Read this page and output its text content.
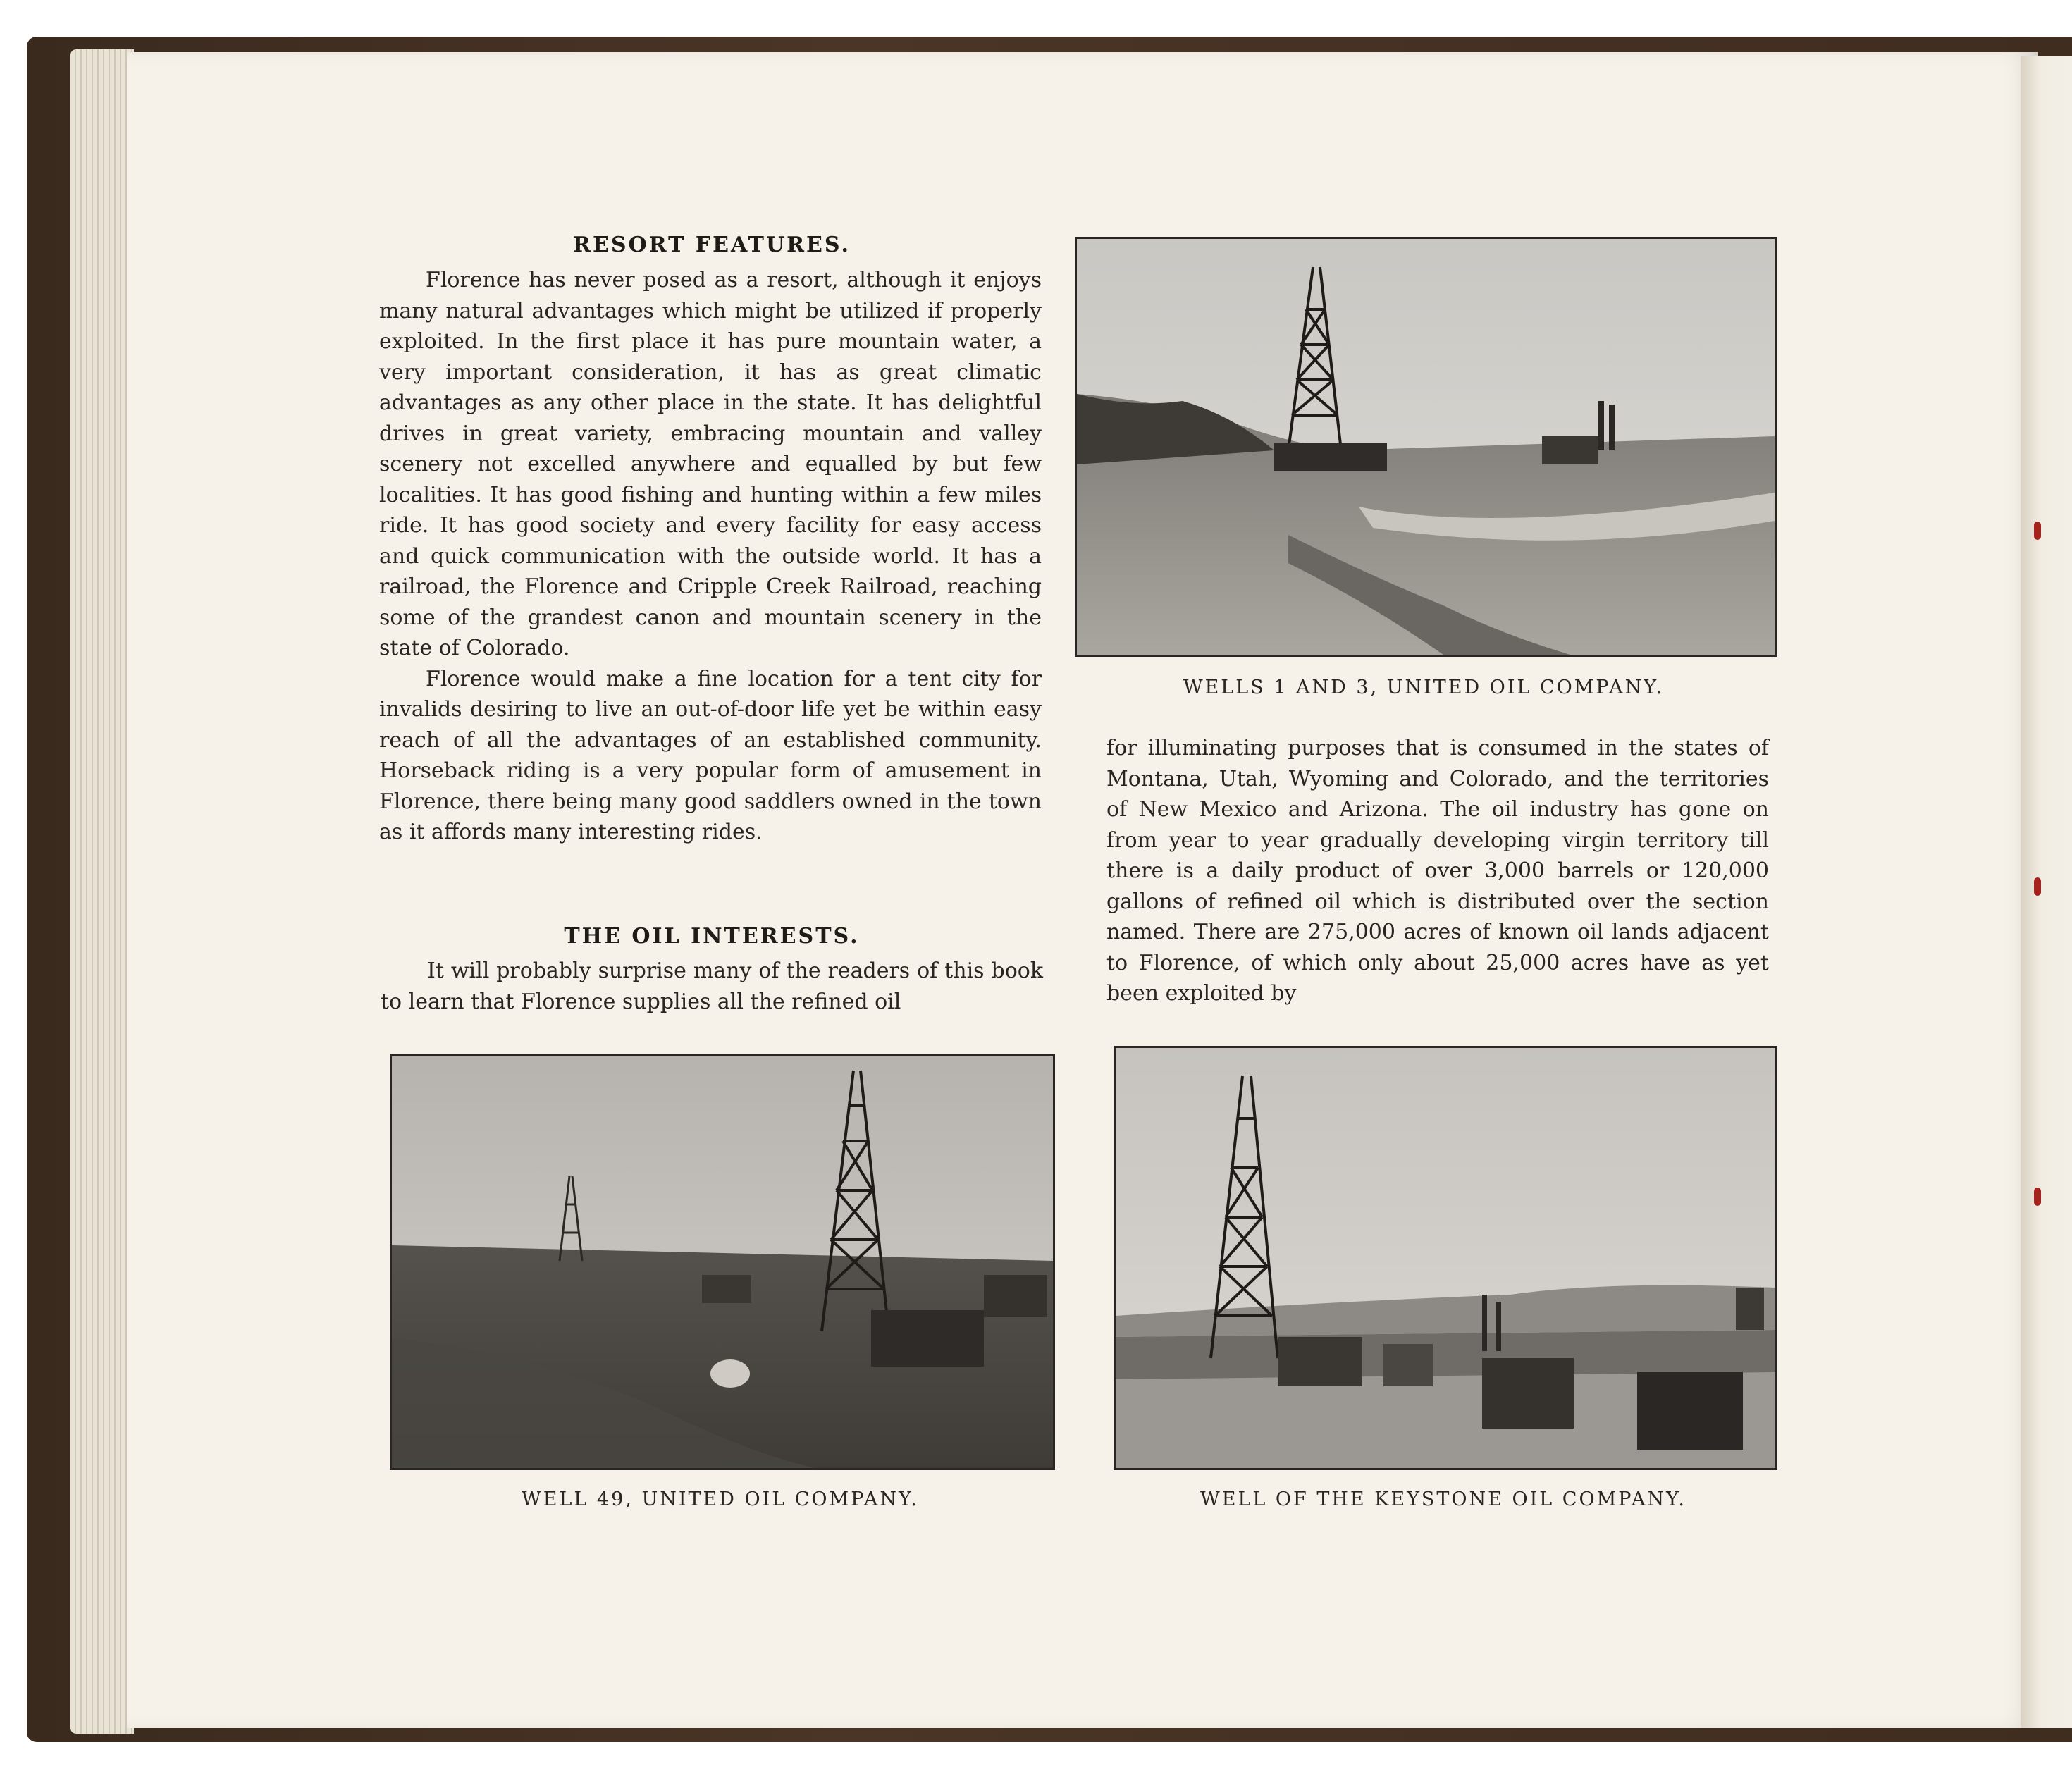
RESORT FEATURES.

Florence has never posed as a resort, although it enjoys many natural advantages which might be utilized if properly exploited. In the first place it has pure mountain water, a very important consideration, it has as great climatic advantages as any other place in the state. It has delightful drives in great variety, embracing mountain and valley scenery not excelled anywhere and equalled by but few localities. It has good fishing and hunting within a few miles ride. It has good society and every facility for easy access and quick communication with the outside world. It has a railroad, the Florence and Cripple Creek Railroad, reaching some of the grandest canon and mountain scenery in the state of Colorado.

Florence would make a fine location for a tent city for invalids desiring to live an out-of-door life yet be within easy reach of all the advantages of an established community. Horseback riding is a very popular form of amusement in Florence, there being many good saddlers owned in the town as it affords many interesting rides.

THE OIL INTERESTS.

It will probably surprise many of the readers of this book to learn that Florence supplies all the refined oil

for illuminating purposes that is consumed in the states of Montana, Utah, Wyoming and Colorado, and the territories of New Mexico and Arizona. The oil industry has gone on from year to year gradually developing virgin territory till there is a daily product of over 3,000 barrels or 120,000 gallons of refined oil which is distributed over the section named. There are 275,000 acres of known oil lands adjacent to Florence, of which only about 25,000 acres have as yet been exploited by

WELLS 1 AND 3, UNITED OIL COMPANY.

WELL 49, UNITED OIL COMPANY.	WELL OF THE KEYSTONE OIL COMPANY.
